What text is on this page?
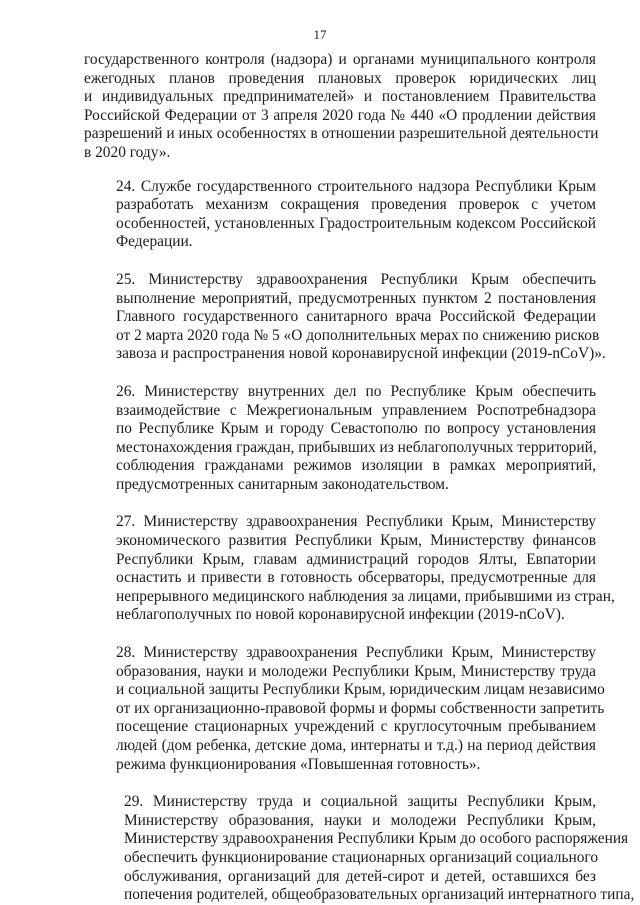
17

государственного контроля (надзора) и органами муниципального контроля
ежегодных планов проведения плановых проверок юридических лиц
и индивидуальных предпринимателей» и постановлением Правительства
Российской Федерации от 3 апреля 2020 года № 440 «О продлении действия
разрешений и иных особенностях в отношении разрешительной деятельности
в 2020 году».

24. Службе государственного строительного надзора Республики Крым
разработать механизм сокращения проведения проверок с учетом
особенностей, установленных Градостроительным кодексом Российской
Федерации.

25. Министерству здравоохранения Республики Крым обеспечить
выполнение мероприятий, предусмотренных пунктом 2 постановления
Главного государственного санитарного врача Российской Федерации
от 2 марта 2020 года № 5 «О дополнительных мерах по снижению рисков
завоза и распространения новой коронавирусной инфекции (2019-nCoV)».

26. Министерству внутренних дел по Республике Крым обеспечить
взаимодействие с Межрегиональным управлением Роспотребнадзора
по Республике Крым и городу Севастополю по вопросу установления
местонахождения граждан, прибывших из неблагополучных территорий,
соблюдения гражданами режимов изоляции в рамках мероприятий,
предусмотренных санитарным законодательством.

27. Министерству здравоохранения Республики Крым, Министерству
экономического развития Республики Крым, Министерству финансов
Республики Крым, главам администраций городов Ялты, Евпатории
оснастить и привести в готовность обсерваторы, предусмотренные для
непрерывного медицинского наблюдения за лицами, прибывшими из стран,
неблагополучных по новой коронавирусной инфекции (2019-nCoV).

28. Министерству здравоохранения Республики Крым, Министерству
образования, науки и молодежи Республики Крым, Министерству труда
и социальной защиты Республики Крым, юридическим лицам независимо
от их организационно-правовой формы и формы собственности запретить
посещение стационарных учреждений с круглосуточным пребыванием
людей (дом ребенка, детские дома, интернаты и т.д.) на период действия
режима функционирования «Повышенная готовность».

29. Министерству труда и социальной защиты Республики Крым,
Министерству образования, науки и молодежи Республики Крым,
Министерству здравоохранения Республики Крым до особого распоряжения
обеспечить функционирование стационарных организаций социального
обслуживания, организаций для детей-сирот и детей, оставшихся без
попечения родителей, общеобразовательных организаций интернатного типа,
